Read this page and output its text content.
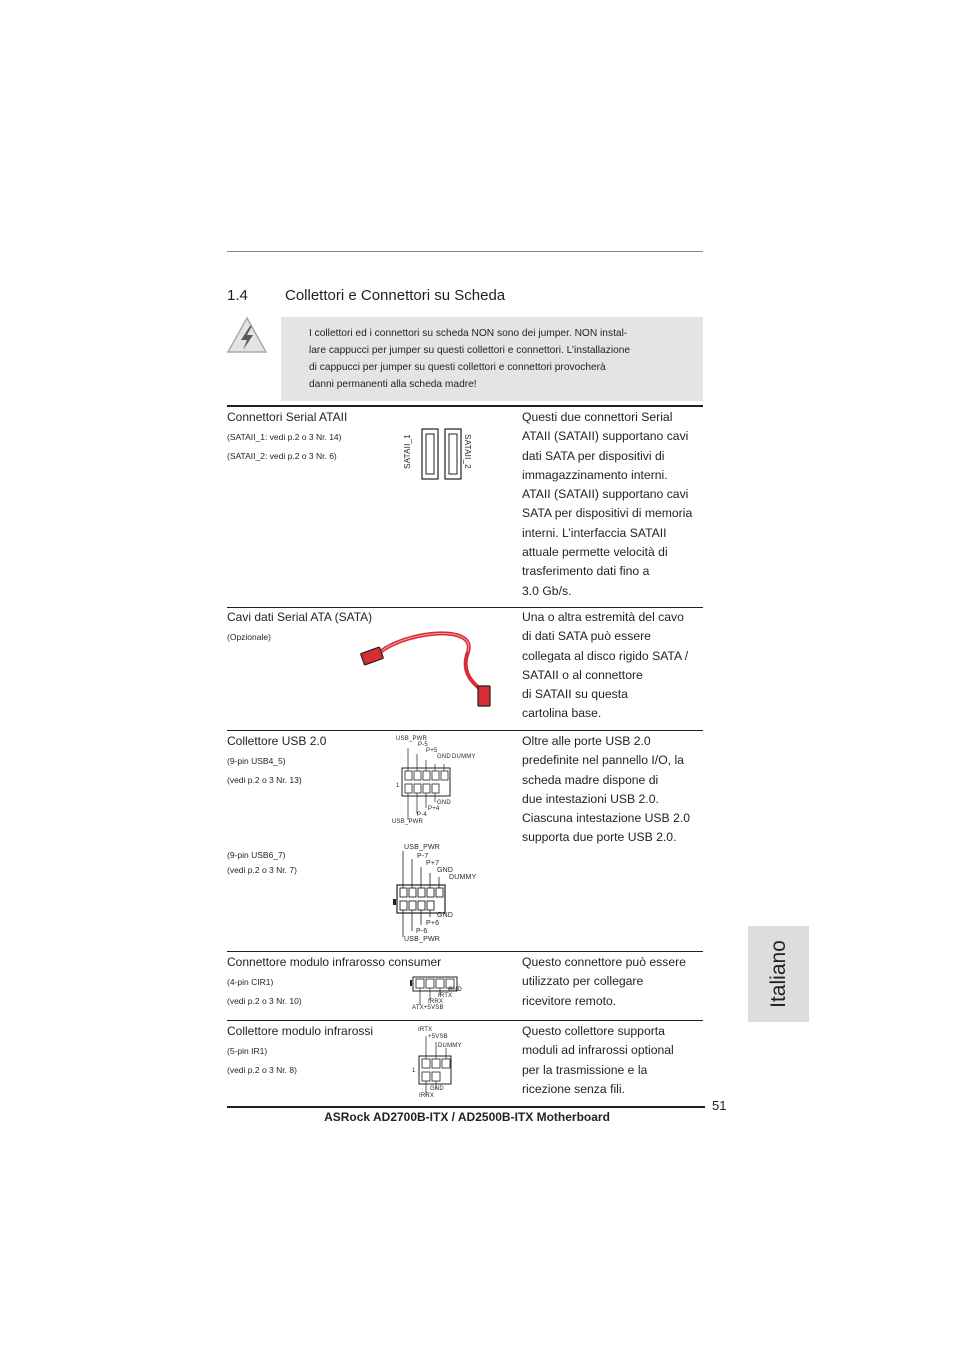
1.4 Collettori e Connettori su Scheda
I collettori ed i connettori su scheda NON sono dei jumper. NON instal-
lare cappucci per jumper su questi collettori e connettori. L’installazione
di cappucci per jumper su questi collettori e connettori provocherà
danni permanenti alla scheda madre!
Connettori Serial ATAII
(SATAII_1: vedi p.2 o 3 Nr. 14)
(SATAII_2: vedi p.2 o 3 Nr. 6)	SATAII_1	SATAII_2
Questi due connettori Serial
ATAII (SATAII) supportano cavi
dati SATA per dispositivi di
immagazzinamento interni.
ATAII (SATAII) supportano cavi
SATA per dispositivi di memoria
interni. L’interfaccia SATAII
attuale permette velocità di
trasferimento dati fino a
3.0 Gb/s.
Cavi dati Serial ATA (SATA)
(Opzionale)
Una o altra estremità del cavo
di dati SATA può essere
collegata al disco rigido SATA /
SATAII o al connettore
di SATAII su questa
cartolina base.
Collettore USB 2.0
(9-pin USB4_5)
(vedi p.2 o 3 Nr. 13)
(9-pin USB6_7)
(vedi p.2 o 3 Nr. 7)
USB_PWR
P-5
P+5
GND DUMMY
GND
P+4
P-4
USB_PWR
1
USB_PWR
P-7
P+7
GND
DUMMY
GND
P+6
P-6
USB_PWR
Oltre alle porte USB 2.0
predefinite nel pannello I/O, la
scheda madre dispone di
due intestazioni USB 2.0.
Ciascuna intestazione USB 2.0
supporta due porte USB 2.0.
Connettore modulo infrarosso consumer
(4-pin CIR1)
(vedi p.2 o 3 Nr. 10)
GND
IRTX
IRRX
ATX+5VSB
Questo connettore può essere
utilizzato per collegare
ricevitore remoto.
Collettore modulo infrarossi
(5-pin IR1)
(vedi p.2 o 3 Nr. 8)
IRTX
+5VSB
DUMMY
GND
IRRX
1
Questo collettore supporta
moduli ad infrarossi optional
per la trasmissione e la
ricezione senza fili.
Italiano
51
ASRock AD2700B-ITX / AD2500B-ITX Motherboard
